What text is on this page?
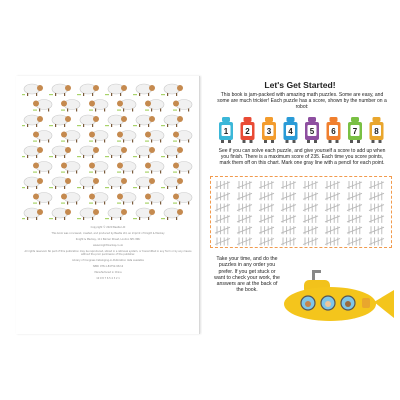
Copyright © 2020 Beetle Ltd

This book was concieved, created, and produced by Beetle Ltd, an imprint of Knight & Mackay

Knight & Mackay, 111 Palmer Street, London SE1 8RU

www.knightmackay.co.uk

All rights reserved. No part of this publication may be reproduced, stored in a retrieval system, or transmitted in any form or by any means without the prior permission of the publisher.

Library of Congress Cataloging-in-Publication data available

ISBN: 978-1-84752-932-6

Manufactured in China

10 9 8 7 6 5 4 3 2 1

Let's Get Started!
This book is jam-packed with amazing math puzzles. Some are easy, and some are much trickier! Each puzzle has a score, shown by the number on a robot:
1 2 3 4 5 6 7 8
See if you can solve each puzzle, and give yourself a score to add up when you finish. There is a maximum score of 235. Each time you score points, mark them off on this chart. Mark one gray line with a pencil for each point.
Take your time, and do the puzzles in any order you prefer. If you get stuck or want to check your work, the answers are at the back of the book.
